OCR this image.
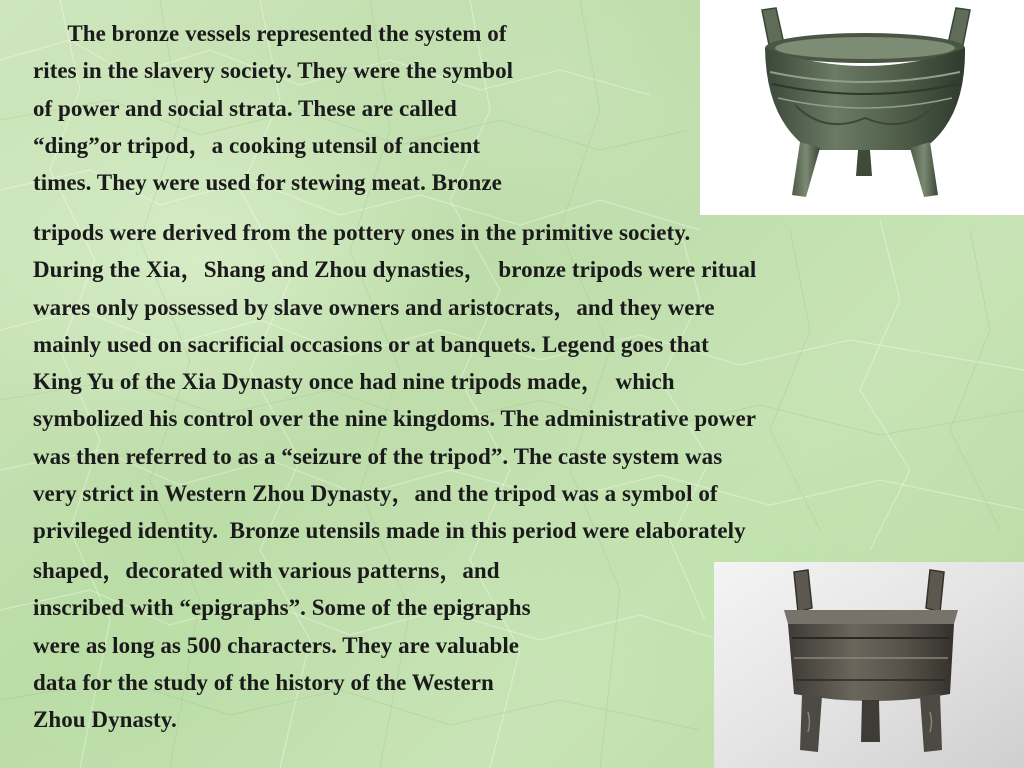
The bronze vessels represented the system of
rites in the slavery society. They were the symbol
of power and social strata. These are called
“ding”or tripod，a cooking utensil of ancient
times. They were used for stewing meat. Bronze
tripods were derived from the pottery ones in the primitive society.
During the Xia，Shang and Zhou dynasties，  bronze tripods were ritual
wares only possessed by slave owners and aristocrats，and they were
mainly used on sacrificial occasions or at banquets. Legend goes that
King Yu of the Xia Dynasty once had nine tripods made，  which
symbolized his control over the nine kingdoms. The administrative power
was then referred to as a “seizure of the tripod”. The caste system was
very strict in Western Zhou Dynasty，and the tripod was a symbol of
privileged identity.  Bronze utensils made in this period were elaborately
shaped，decorated with various patterns，and
inscribed with “epigraphs”. Some of the epigraphs
were as long as 500 characters. They are valuable
data for the study of the history of the Western
Zhou Dynasty.
